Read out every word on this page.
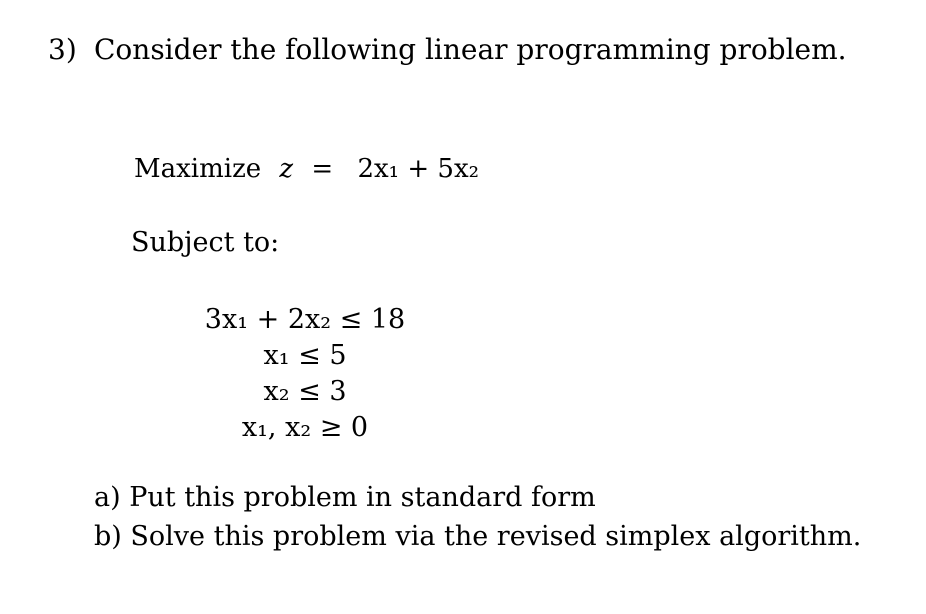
3) Consider the following linear programming problem.
Maximize z = 2x₁ + 5x₂
Subject to:
3x₁ + 2x₂ ≤ 18
x₁ ≤ 5
x₂ ≤ 3
x₁, x₂ ≥ 0
a) Put this problem in standard form
b) Solve this problem via the revised simplex algorithm.
